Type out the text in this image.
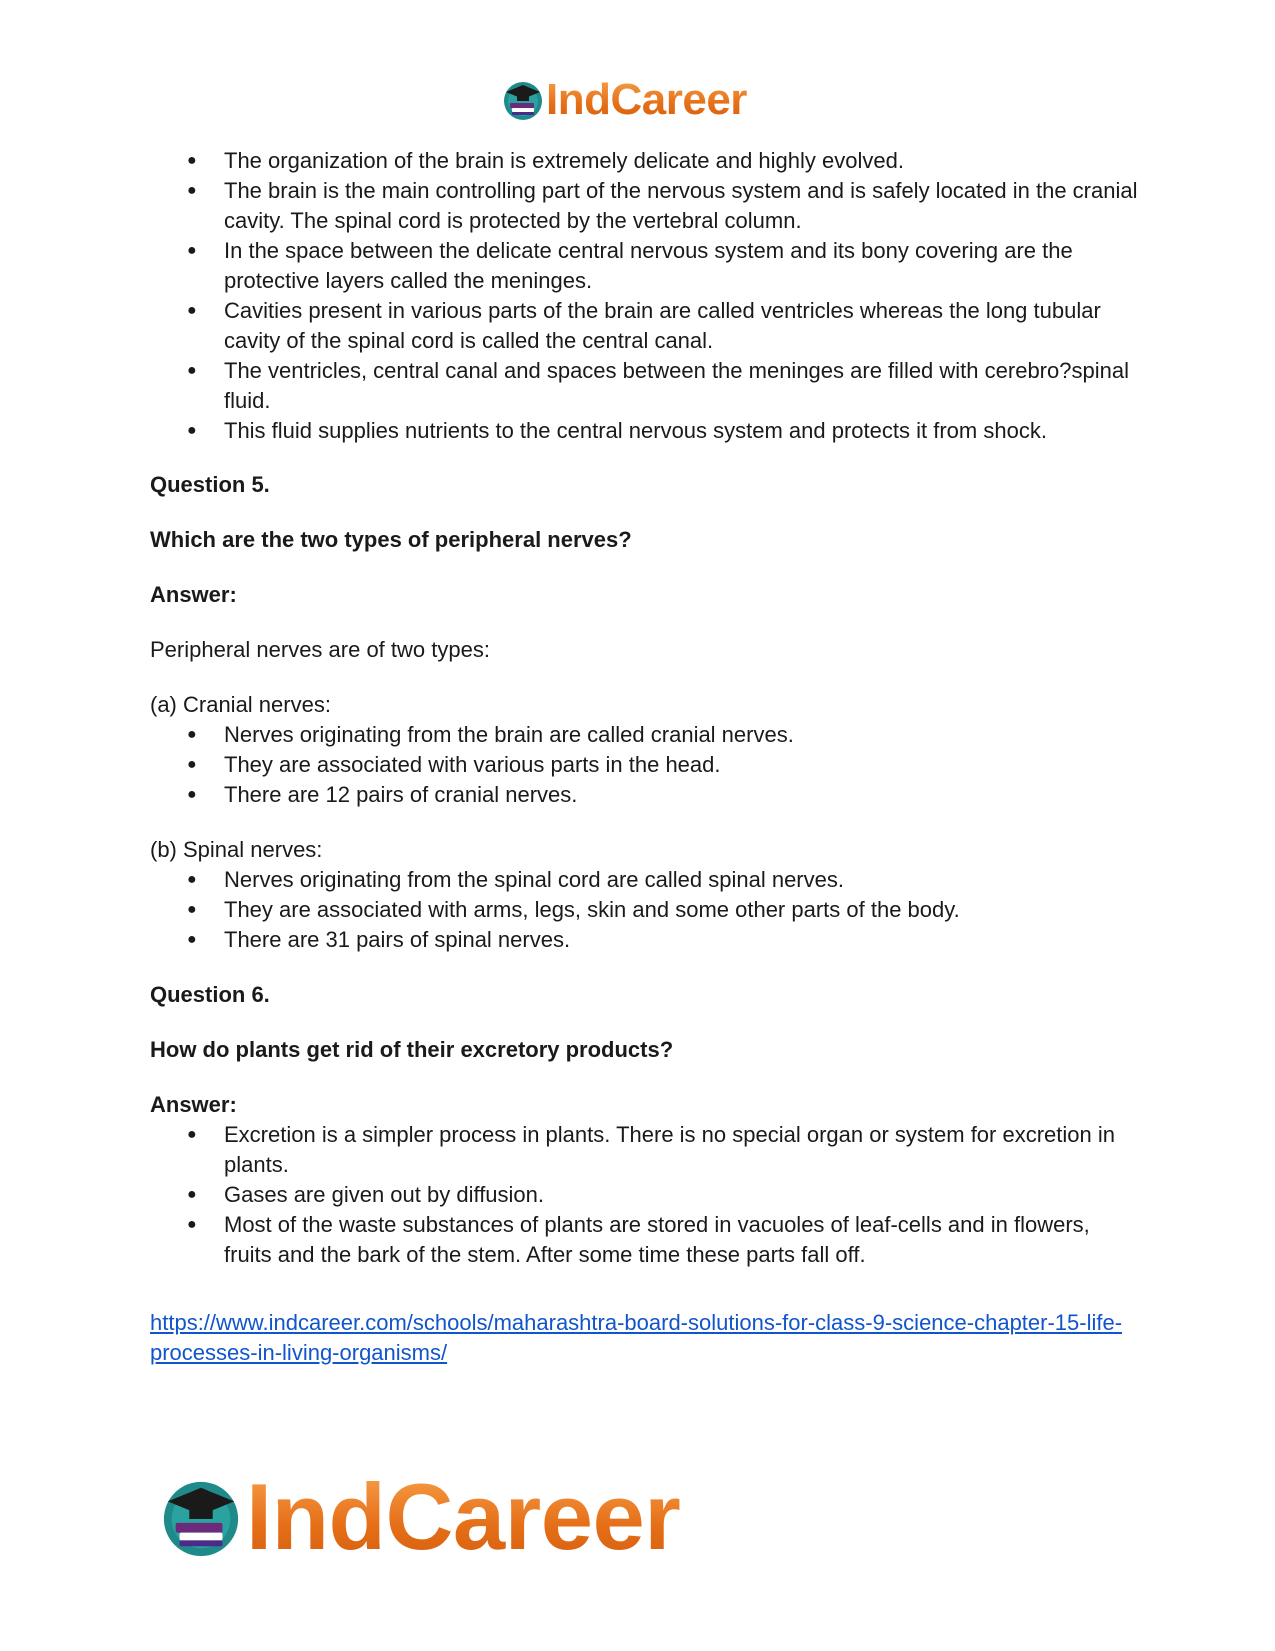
IndCareer
● The organization of the brain is extremely delicate and highly evolved.
● The brain is the main controlling part of the nervous system and is safely located in the cranial cavity. The spinal cord is protected by the vertebral column.
● In the space between the delicate central nervous system and its bony covering are the protective layers called the meninges.
● Cavities present in various parts of the brain are called ventricles whereas the long tubular cavity of the spinal cord is called the central canal.
● The ventricles, central canal and spaces between the meninges are filled with cerebro?spinal fluid.
● This fluid supplies nutrients to the central nervous system and protects it from shock.

Question 5.

Which are the two types of peripheral nerves?

Answer:

Peripheral nerves are of two types:

(a) Cranial nerves:

● Nerves originating from the brain are called cranial nerves.
● They are associated with various parts in the head.
● There are 12 pairs of cranial nerves.

(b) Spinal nerves:

● Nerves originating from the spinal cord are called spinal nerves.
● They are associated with arms, legs, skin and some other parts of the body.
● There are 31 pairs of spinal nerves.

Question 6.

How do plants get rid of their excretory products?

Answer:

● Excretion is a simpler process in plants. There is no special organ or system for excretion in plants.
● Gases are given out by diffusion.
● Most of the waste substances of plants are stored in vacuoles of leaf-cells and in flowers, fruits and the bark of the stem. After some time these parts fall off.
https://www.indcareer.com/schools/maharashtra-board-solutions-for-class-9-science-chapter-15-life-processes-in-living-organisms/
IndCareer
